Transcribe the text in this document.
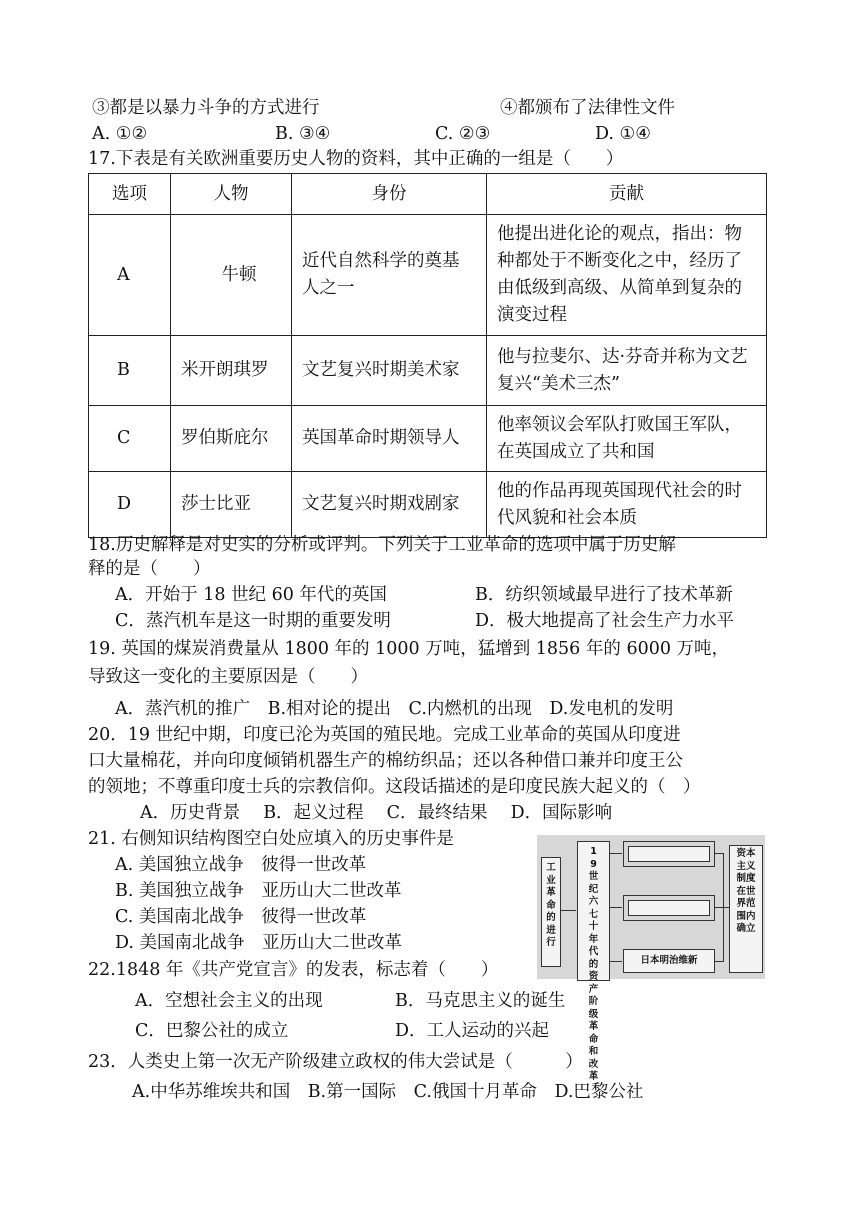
③都是以暴力斗争的方式进行	④都颁布了法律性文件
A. ①②	B. ③④	C. ②③	D. ①④
17.下表是有关欧洲重要历史人物的资料，其中正确的一组是（　　）
选项	人物	身份	贡献
A	牛顿	近代自然科学的奠基人之一	他提出进化论的观点，指出：物种都处于不断变化之中，经历了由低级到高级、从简单到复杂的演变过程
B	米开朗琪罗	文艺复兴时期美术家	他与拉斐尔、达·芬奇并称为文艺复兴“美术三杰”
C	罗伯斯庇尔	英国革命时期领导人	他率领议会军队打败国王军队，在英国成立了共和国
D	莎士比亚	文艺复兴时期戏剧家	他的作品再现英国现代社会的时代风貌和社会本质
18.历史解释是对史实的分析或评判。下列关于工业革命的选项中属于历史解
释的是（　　）
A．开始于 18 世纪 60 年代的英国	B．纺织领域最早进行了技术革新
C．蒸汽机车是这一时期的重要发明	D．极大地提高了社会生产力水平
19. 英国的煤炭消费量从 1800 年的 1000 万吨，猛增到 1856 年的 6000 万吨，
导致这一变化的主要原因是（　　）
A．蒸汽机的推广　B.相对论的提出　C.内燃机的出现　D.发电机的发明
20．19 世纪中期，印度已沦为英国的殖民地。完成工业革命的英国从印度进
口大量棉花，并向印度倾销机器生产的棉纺织品；还以各种借口兼并印度王公
的领地；不尊重印度士兵的宗教信仰。这段话描述的是印度民族大起义的（　）
A．历史背景　 B．起义过程　 C．最终结果　 D．国际影响
21. 右侧知识结构图空白处应填入的历史事件是
A. 美国独立战争　彼得一世改革
B. 美国独立战争　亚历山大二世改革
C. 美国南北战争　彼得一世改革
D. 美国南北战争　亚历山大二世改革
工业革命的进行
19世纪六七十年代的资产阶级革命和改革
日本明治维新
资本主义制度在世界范围内确立
22.1848 年《共产党宣言》的发表，标志着（　　）
A．空想社会主义的出现	B．马克思主义的诞生
C．巴黎公社的成立	D．工人运动的兴起
23．人类史上第一次无产阶级建立政权的伟大尝试是（　　　）
A.中华苏维埃共和国　B.第一国际　C.俄国十月革命　D.巴黎公社
